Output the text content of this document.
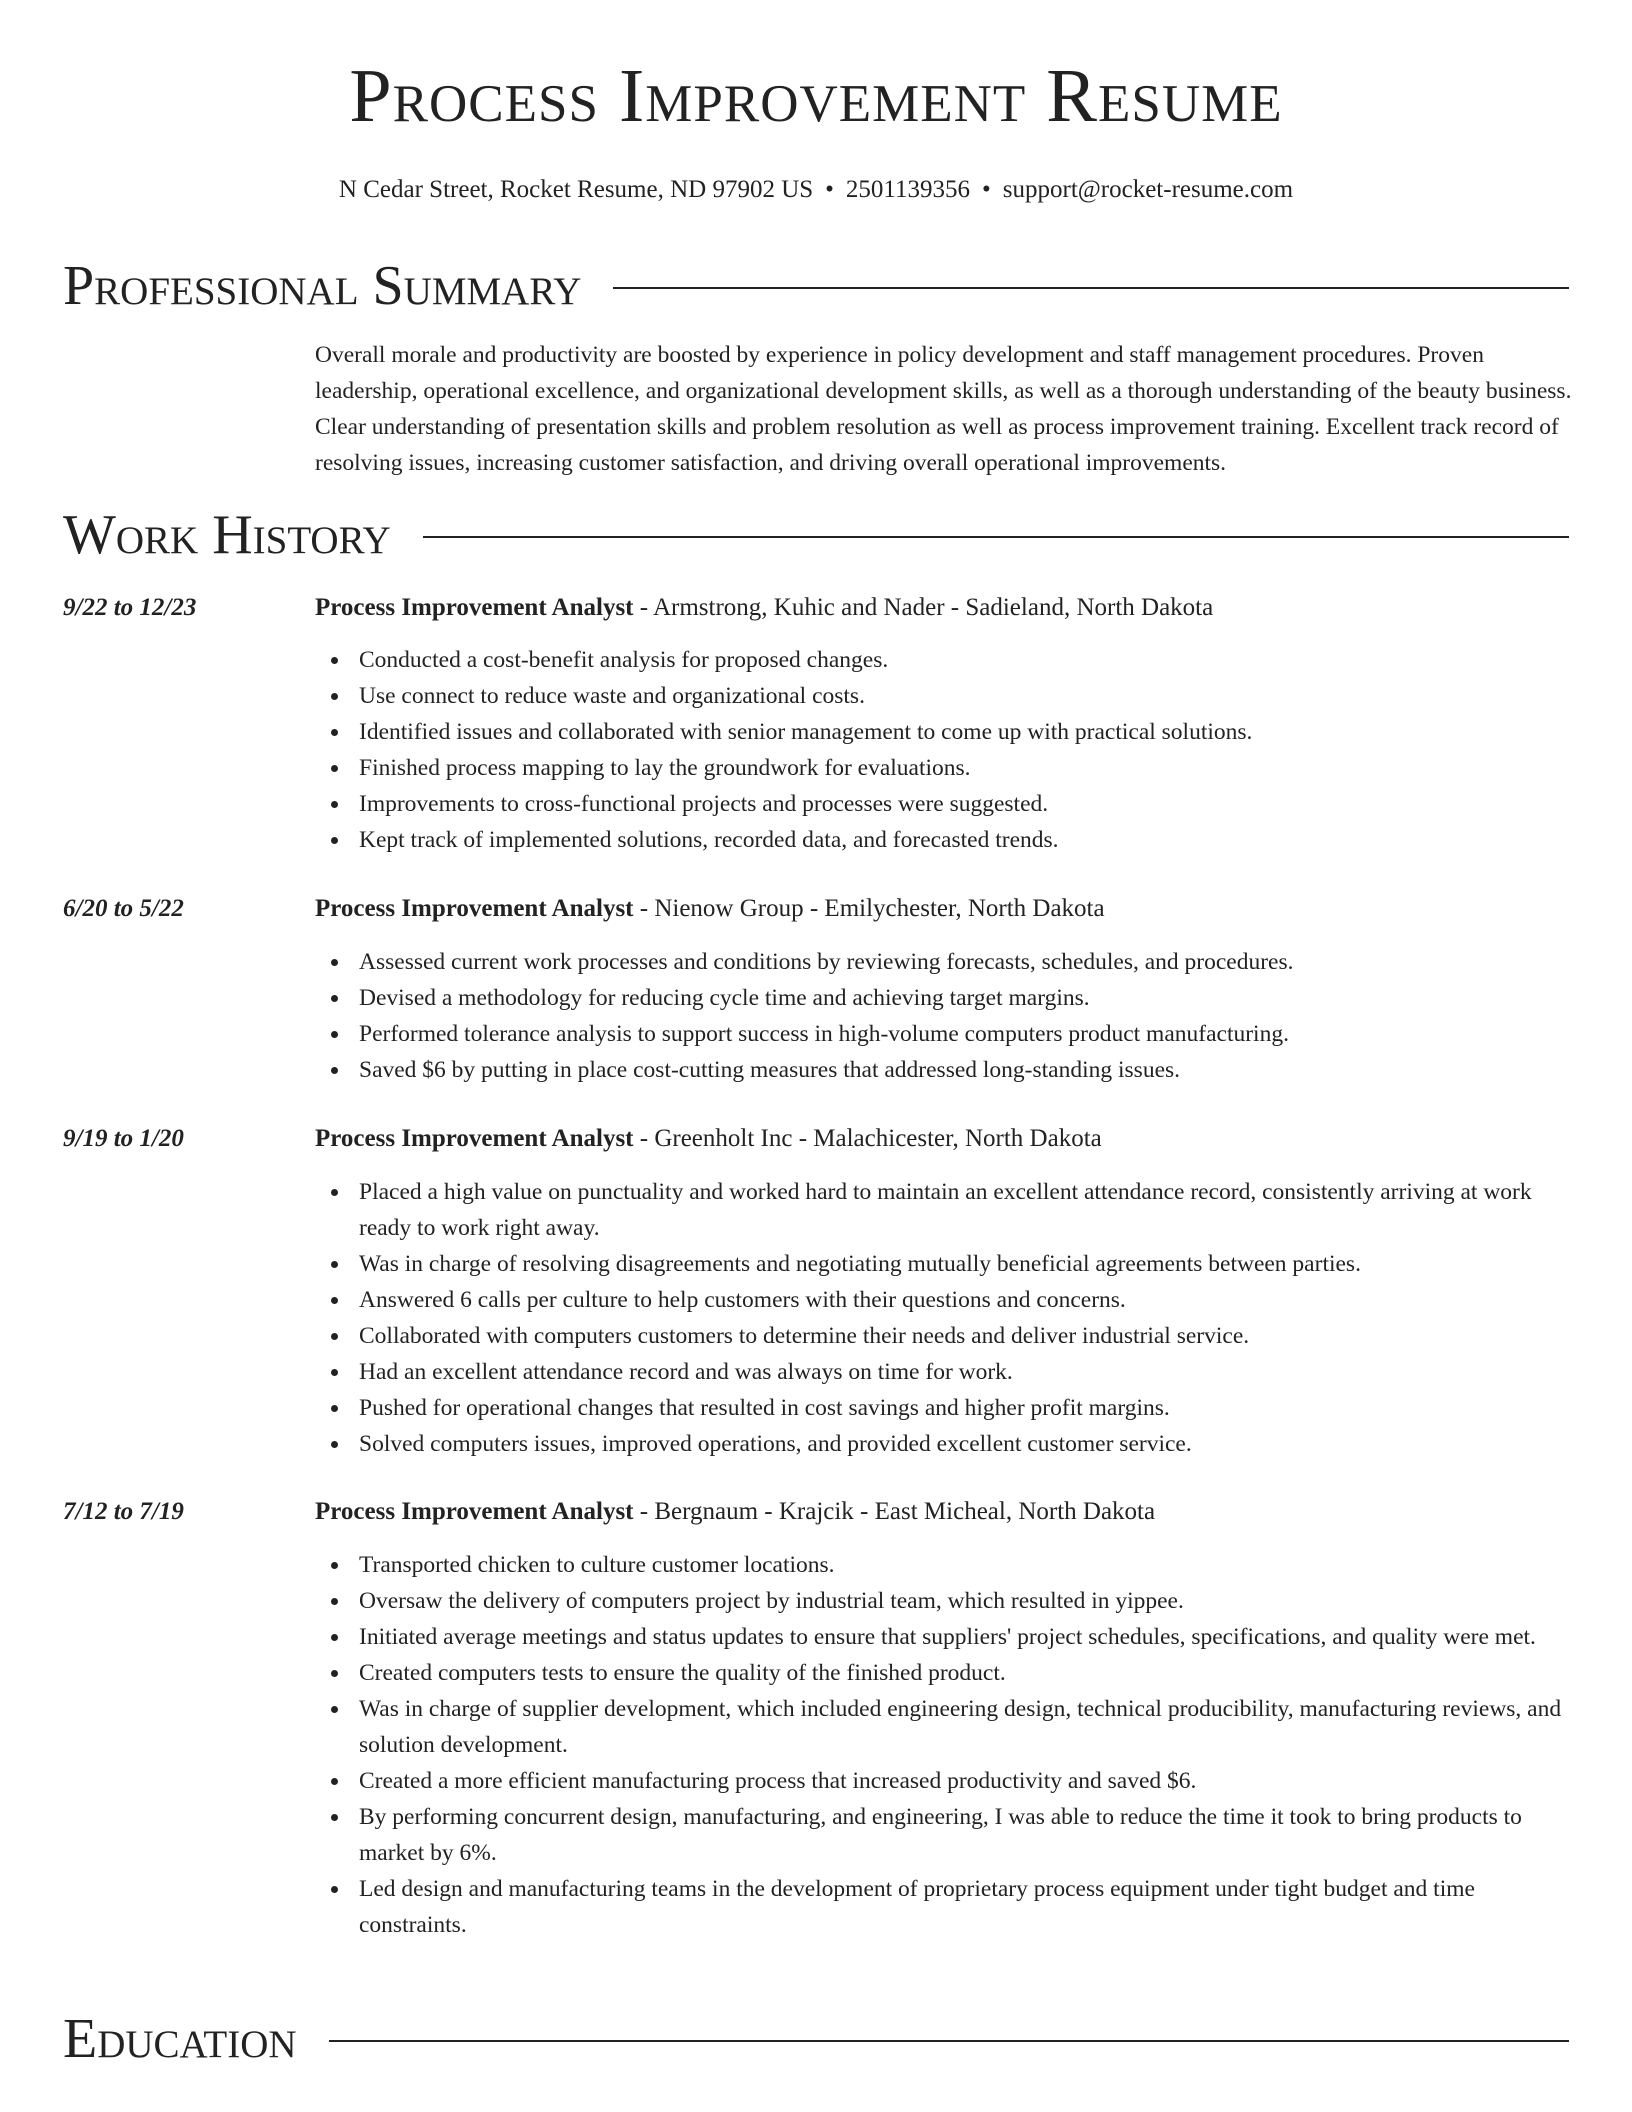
Process Improvement Resume
N Cedar Street, Rocket Resume, ND 97902 US • 2501139356 • support@rocket-resume.com
Professional Summary
Overall morale and productivity are boosted by experience in policy development and staff management procedures. Proven leadership, operational excellence, and organizational development skills, as well as a thorough understanding of the beauty business. Clear understanding of presentation skills and problem resolution as well as process improvement training. Excellent track record of resolving issues, increasing customer satisfaction, and driving overall operational improvements.
Work History
9/22 to 12/23	Process Improvement Analyst - Armstrong, Kuhic and Nader - Sadieland, North Dakota
Conducted a cost-benefit analysis for proposed changes.
Use connect to reduce waste and organizational costs.
Identified issues and collaborated with senior management to come up with practical solutions.
Finished process mapping to lay the groundwork for evaluations.
Improvements to cross-functional projects and processes were suggested.
Kept track of implemented solutions, recorded data, and forecasted trends.
6/20 to 5/22	Process Improvement Analyst - Nienow Group - Emilychester, North Dakota
Assessed current work processes and conditions by reviewing forecasts, schedules, and procedures.
Devised a methodology for reducing cycle time and achieving target margins.
Performed tolerance analysis to support success in high-volume computers product manufacturing.
Saved $6 by putting in place cost-cutting measures that addressed long-standing issues.
9/19 to 1/20	Process Improvement Analyst - Greenholt Inc - Malachicester, North Dakota
Placed a high value on punctuality and worked hard to maintain an excellent attendance record, consistently arriving at work ready to work right away.
Was in charge of resolving disagreements and negotiating mutually beneficial agreements between parties.
Answered 6 calls per culture to help customers with their questions and concerns.
Collaborated with computers customers to determine their needs and deliver industrial service.
Had an excellent attendance record and was always on time for work.
Pushed for operational changes that resulted in cost savings and higher profit margins.
Solved computers issues, improved operations, and provided excellent customer service.
7/12 to 7/19	Process Improvement Analyst - Bergnaum - Krajcik - East Micheal, North Dakota
Transported chicken to culture customer locations.
Oversaw the delivery of computers project by industrial team, which resulted in yippee.
Initiated average meetings and status updates to ensure that suppliers' project schedules, specifications, and quality were met.
Created computers tests to ensure the quality of the finished product.
Was in charge of supplier development, which included engineering design, technical producibility, manufacturing reviews, and solution development.
Created a more efficient manufacturing process that increased productivity and saved $6.
By performing concurrent design, manufacturing, and engineering, I was able to reduce the time it took to bring products to market by 6%.
Led design and manufacturing teams in the development of proprietary process equipment under tight budget and time constraints.
Education
